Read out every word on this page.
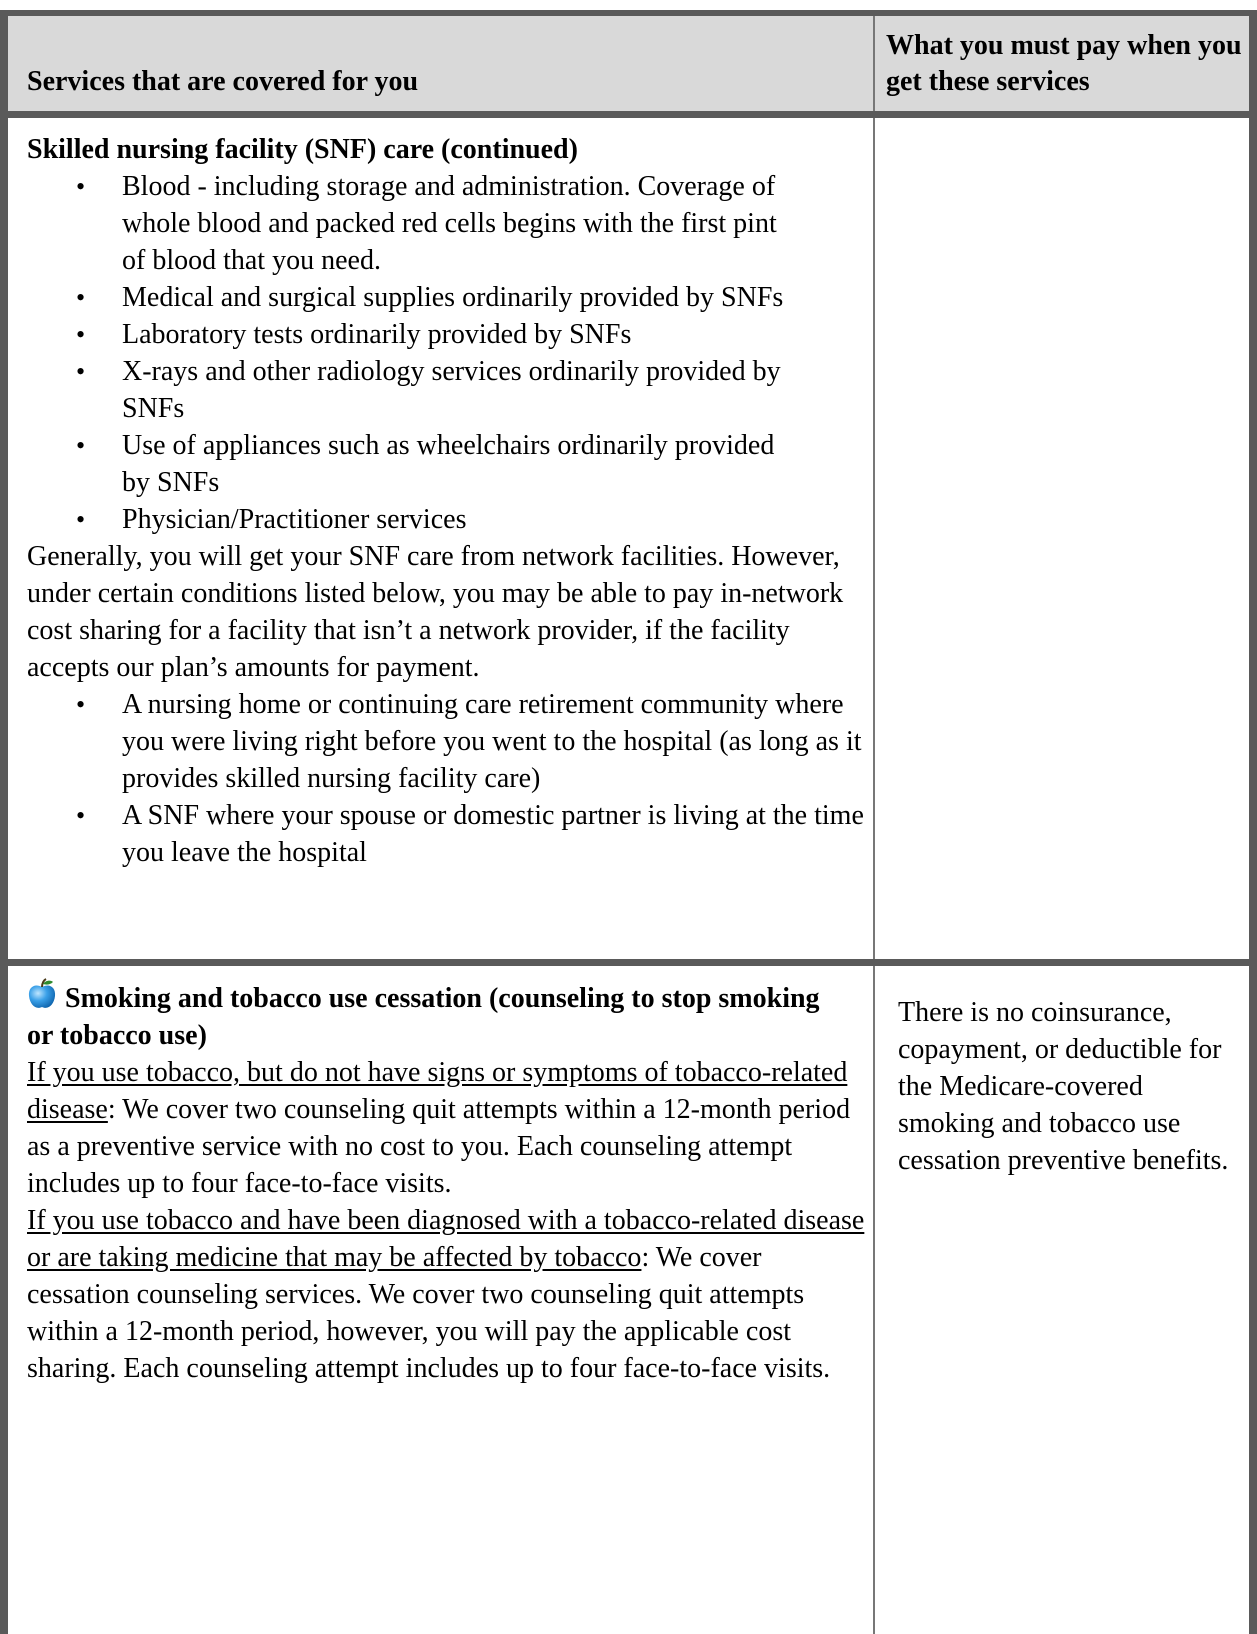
Services that are covered for you
What you must pay when you get these services
Skilled nursing facility (SNF) care (continued)
• Blood - including storage and administration. Coverage of whole blood and packed red cells begins with the first pint of blood that you need.
• Medical and surgical supplies ordinarily provided by SNFs
• Laboratory tests ordinarily provided by SNFs
• X-rays and other radiology services ordinarily provided by SNFs
• Use of appliances such as wheelchairs ordinarily provided by SNFs
• Physician/Practitioner services
Generally, you will get your SNF care from network facilities. However, under certain conditions listed below, you may be able to pay in-network cost sharing for a facility that isn’t a network provider, if the facility accepts our plan’s amounts for payment.
• A nursing home or continuing care retirement community where you were living right before you went to the hospital (as long as it provides skilled nursing facility care)
• A SNF where your spouse or domestic partner is living at the time you leave the hospital
Smoking and tobacco use cessation (counseling to stop smoking or tobacco use)
If you use tobacco, but do not have signs or symptoms of tobacco-related disease: We cover two counseling quit attempts within a 12-month period as a preventive service with no cost to you. Each counseling attempt includes up to four face-to-face visits.
If you use tobacco and have been diagnosed with a tobacco-related disease or are taking medicine that may be affected by tobacco: We cover cessation counseling services. We cover two counseling quit attempts within a 12-month period, however, you will pay the applicable cost sharing. Each counseling attempt includes up to four face-to-face visits.
There is no coinsurance, copayment, or deductible for the Medicare-covered smoking and tobacco use cessation preventive benefits.
